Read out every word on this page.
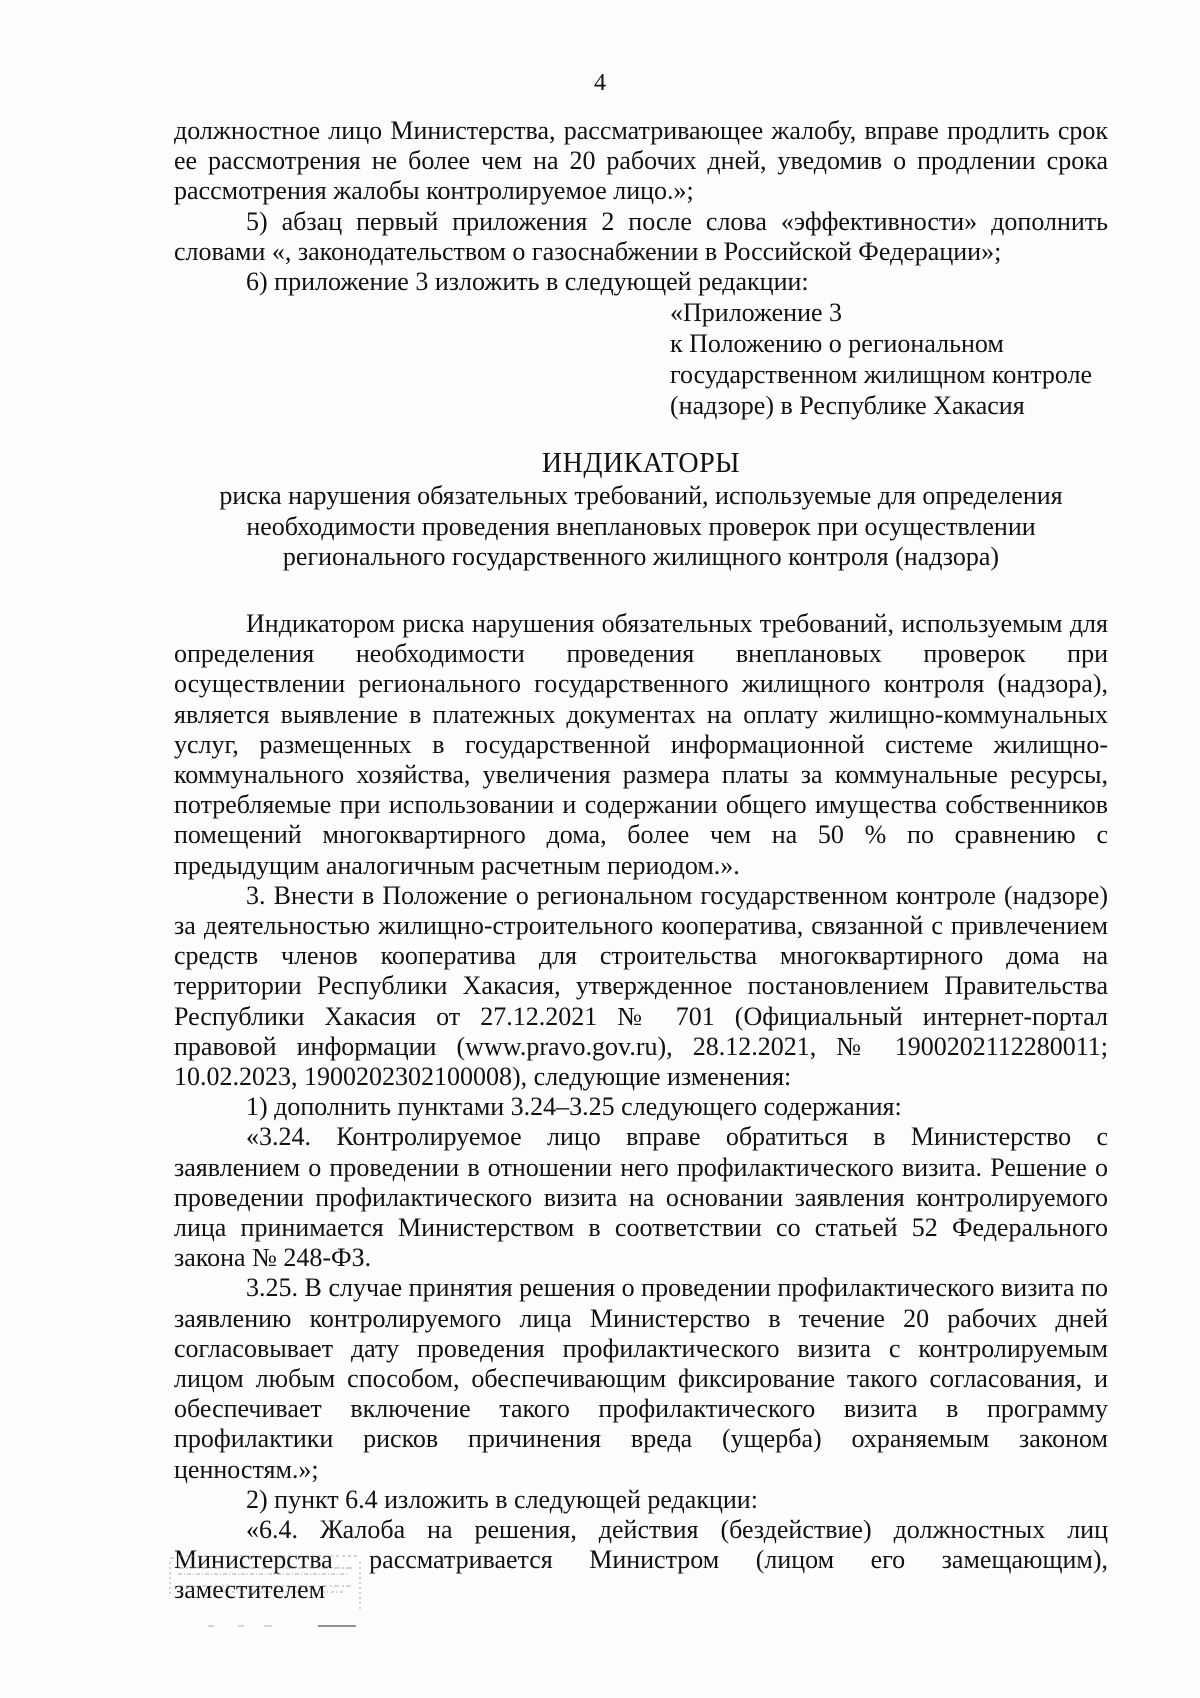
4

должностное лицо Министерства, рассматривающее жалобу, вправе продлить срок ее рассмотрения не более чем на 20 рабочих дней, уведомив о продлении срока рассмотрения жалобы контролируемое лицо.»;

5) абзац первый приложения 2 после слова «эффективности» дополнить словами «, законодательством о газоснабжении в Российской Федерации»;

6) приложение 3 изложить в следующей редакции:

«Приложение 3
к Положению о региональном
государственном жилищном контроле
(надзоре) в Республике Хакасия
ИНДИКАТОРЫ
риска нарушения обязательных требований, используемые для определения
необходимости проведения внеплановых проверок при осуществлении
регионального государственного жилищного контроля (надзора)

Индикатором риска нарушения обязательных требований, используемым для определения необходимости проведения внеплановых проверок при осуществлении регионального государственного жилищного контроля (надзора), является выявление в платежных документах на оплату жилищно-коммунальных услуг, размещенных в государственной информационной системе жилищно-коммунального хозяйства, увеличения размера платы за коммунальные ресурсы, потребляемые при использовании и содержании общего имущества собственников помещений многоквартирного дома, более чем на 50 % по сравнению с предыдущим аналогичным расчетным периодом.».

3. Внести в Положение о региональном государственном контроле (надзоре) за деятельностью жилищно-строительного кооператива, связанной с привлечением средств членов кооператива для строительства многоквартирного дома на территории Республики Хакасия, утвержденное постановлением Правительства Республики Хакасия от 27.12.2021 № 701 (Официальный интернет-портал правовой информации (www.pravo.gov.ru), 28.12.2021, № 1900202112280011; 10.02.2023, 1900202302100008), следующие изменения:

1) дополнить пунктами 3.24–3.25 следующего содержания:

«3.24. Контролируемое лицо вправе обратиться в Министерство с заявлением о проведении в отношении него профилактического визита. Решение о проведении профилактического визита на основании заявления контролируемого лица принимается Министерством в соответствии со статьей 52 Федерального закона № 248-ФЗ.

3.25. В случае принятия решения о проведении профилактического визита по заявлению контролируемого лица Министерство в течение 20 рабочих дней согласовывает дату проведения профилактического визита с контролируемым лицом любым способом, обеспечивающим фиксирование такого согласования, и обеспечивает включение такого профилактического визита в программу профилактики рисков причинения вреда (ущерба) охраняемым законом ценностям.»;

2) пункт 6.4 изложить в следующей редакции:

«6.4. Жалоба на решения, действия (бездействие) должностных лиц Министерства рассматривается Министром (лицом его замещающим), заместителем
